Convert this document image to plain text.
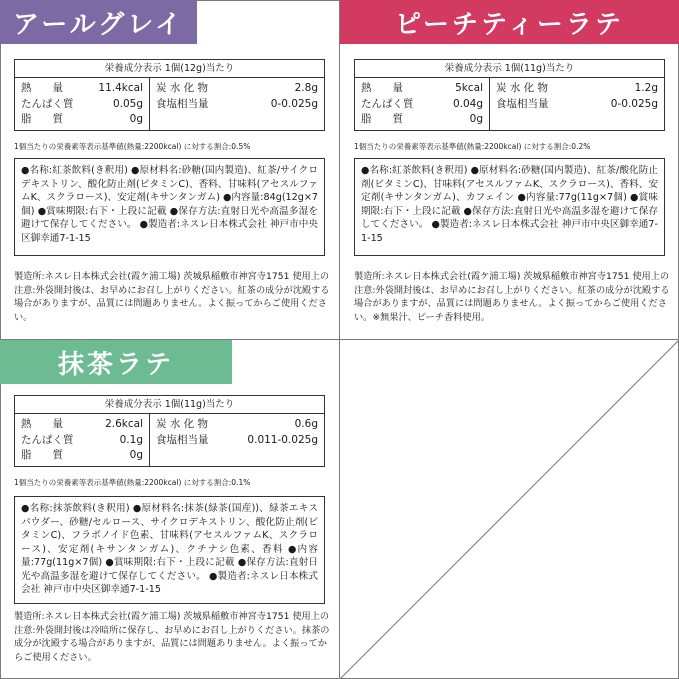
アールグレイ
栄養成分表示 1個(12g)当たり
熱　　量	11.4kcal
たんぱく質	0.05g
脂　　質	0g
炭 水 化 物	2.8g
食塩相当量	0-0.025g
1個当たりの栄養素等表示基準値(熱量:2200kcal) に対する割合:0.5%
●名称:紅茶飲料(き釈用) ●原材料名:砂糖(国内製造)、紅茶/サイクロデキストリン、酸化防止剤(ビタミンC)、香料、甘味料(アセスルファムK、スクラロース)、安定剤(キサンタンガム) ●内容量:84g(12g×7個) ●賞味期限:右下・上段に記載 ●保存方法:直射日光や高温多湿を避けて保存してください。 ●製造者:ネスレ日本株式会社 神戸市中央区御幸通7-1-15
製造所:ネスレ日本株式会社(霞ケ浦工場) 茨城県稲敷市神宮寺1751 使用上の注意:外袋開封後は、お早めにお召し上がりください。紅茶の成分が沈殿する場合がありますが、品質には問題ありません。よく振ってからご使用ください。
ピーチティーラテ
栄養成分表示 1個(11g)当たり
熱　　量	5kcal
たんぱく質	0.04g
脂　　質	0g
炭 水 化 物	1.2g
食塩相当量	0-0.025g
1個当たりの栄養素等表示基準値(熱量:2200kcal) に対する割合:0.2%
●名称:紅茶飲料(き釈用) ●原材料名:砂糖(国内製造)、紅茶/酸化防止剤(ビタミンC)、甘味料(アセスルファムK、スクラロース)、香料、安定剤(キサンタンガム)、カフェイン ●内容量:77g(11g×7個) ●賞味期限:右下・上段に記載 ●保存方法:直射日光や高温多湿を避けて保存してください。 ●製造者:ネスレ日本株式会社 神戸市中央区御幸通7-1-15
製造所:ネスレ日本株式会社(霞ケ浦工場) 茨城県稲敷市神宮寺1751 使用上の注意:外袋開封後は、お早めにお召し上がりください。紅茶の成分が沈殿する場合がありますが、品質には問題ありません。よく振ってからご使用ください。※無果汁、ピーチ香料使用。
抹茶ラテ
栄養成分表示 1個(11g)当たり
熱　　量	2.6kcal
たんぱく質	0.1g
脂　　質	0g
炭 水 化 物	0.6g
食塩相当量	0.011-0.025g
1個当たりの栄養素等表示基準値(熱量:2200kcal) に対する割合:0.1%
●名称:抹茶飲料(き釈用) ●原材料名:抹茶(緑茶(国産))、緑茶エキスパウダー、砂糖/セルロース、サイクロデキストリン、酸化防止剤(ビタミンC)、フラボノイド色素、甘味料(アセスルファムK、スクラロース)、安定剤(キサンタンガム)、クチナシ色素、香料 ●内容量:77g(11g×7個) ●賞味期限:右下・上段に記載 ●保存方法:直射日光や高温多湿を避けて保存してください。 ●製造者:ネスレ日本株式会社 神戸市中央区御幸通7-1-15
製造所:ネスレ日本株式会社(霞ケ浦工場) 茨城県稲敷市神宮寺1751 使用上の注意:外袋開封後は冷暗所に保存し、お早めにお召し上がりください。抹茶の成分が沈殿する場合がありますが、品質には問題ありません。よく振ってからご使用ください。
